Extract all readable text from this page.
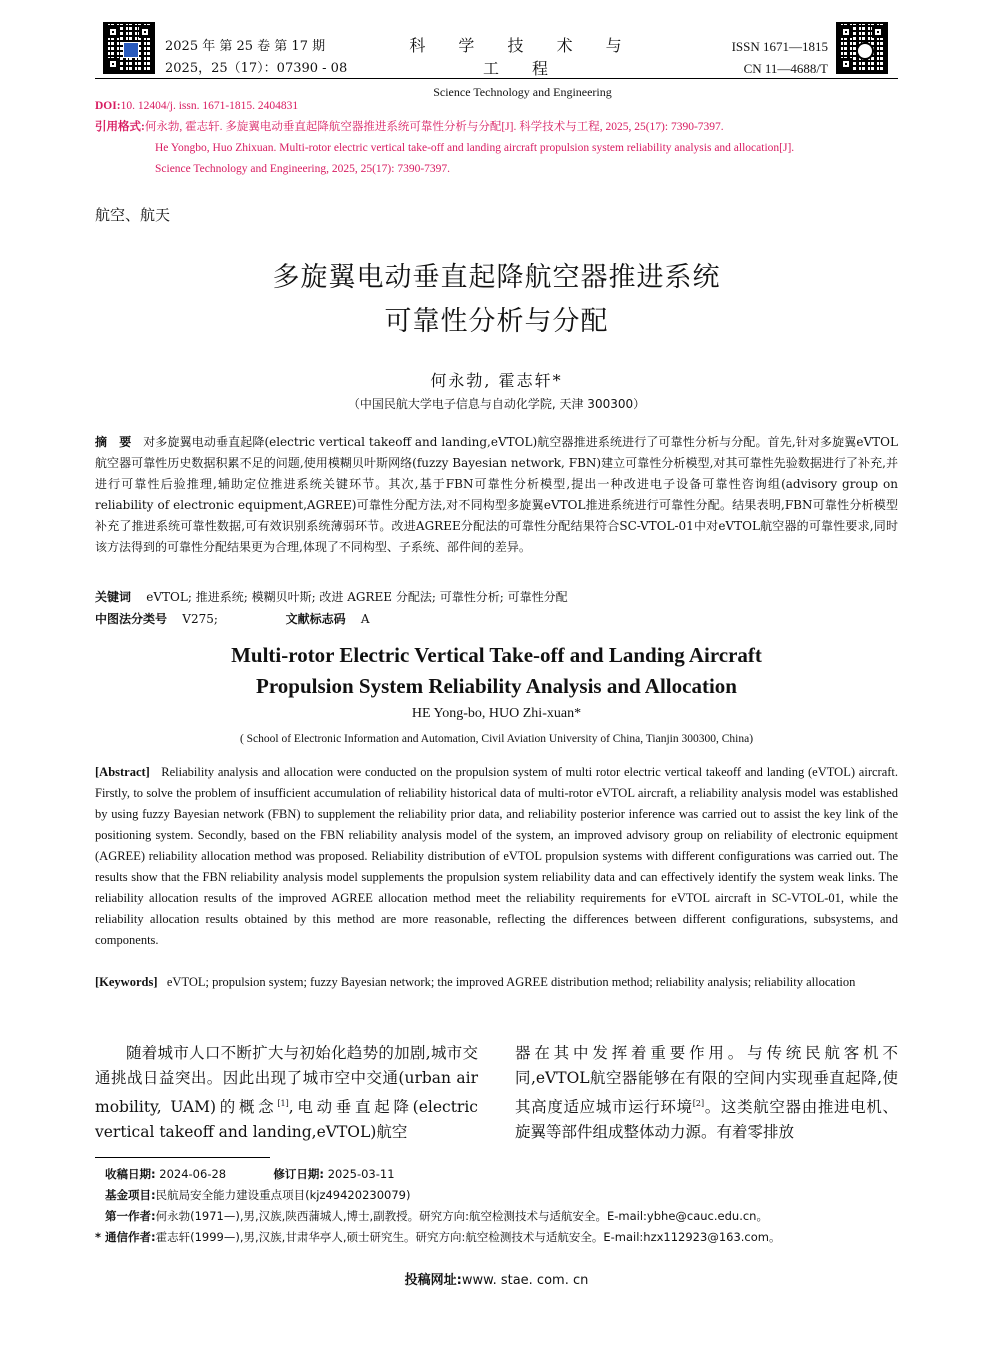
2025 年 第 25 卷 第 17 期
2025，25（17）：07390 - 08
科 学 技 术 与 工 程
Science Technology and Engineering
ISSN 1671—1815
CN 11—4688/T
DOI:10. 12404/j. issn. 1671-1815. 2404831
引用格式:何永勃, 霍志轩. 多旋翼电动垂直起降航空器推进系统可靠性分析与分配[J]. 科学技术与工程, 2025, 25(17): 7390-7397.
He Yongbo, Huo Zhixuan. Multi-rotor electric vertical take-off and landing aircraft propulsion system reliability analysis and allocation[J].
Science Technology and Engineering, 2025, 25(17): 7390-7397.
航空、航天
多旋翼电动垂直起降航空器推进系统
可靠性分析与分配
何永勃, 霍志轩*
（中国民航大学电子信息与自动化学院, 天津 300300）
摘　要 对多旋翼电动垂直起降(electric vertical takeoff and landing,eVTOL)航空器推进系统进行了可靠性分析与分配。首先,针对多旋翼eVTOL航空器可靠性历史数据积累不足的问题,使用模糊贝叶斯网络(fuzzy Bayesian network, FBN)建立可靠性分析模型,对其可靠性先验数据进行了补充,并进行可靠性后验推理,辅助定位推进系统关键环节。其次,基于FBN可靠性分析模型,提出一种改进电子设备可靠性咨询组(advisory group on reliability of electronic equipment,AGREE)可靠性分配方法,对不同构型多旋翼eVTOL推进系统进行可靠性分配。结果表明,FBN可靠性分析模型补充了推进系统可靠性数据,可有效识别系统薄弱环节。改进AGREE分配法的可靠性分配结果符合SC-VTOL-01中对eVTOL航空器的可靠性要求,同时该方法得到的可靠性分配结果更为合理,体现了不同构型、子系统、部件间的差异。
关键词 eVTOL; 推进系统; 模糊贝叶斯; 改进 AGREE 分配法; 可靠性分析; 可靠性分配
中图法分类号 V275;	文献标志码 A
Multi-rotor Electric Vertical Take-off and Landing Aircraft
Propulsion System Reliability Analysis and Allocation
HE Yong-bo, HUO Zhi-xuan*
( School of Electronic Information and Automation, Civil Aviation University of China, Tianjin 300300, China)
[Abstract] Reliability analysis and allocation were conducted on the propulsion system of multi rotor electric vertical takeoff and landing (eVTOL) aircraft. Firstly, to solve the problem of insufficient accumulation of reliability historical data of multi-rotor eVTOL aircraft, a reliability analysis model was established by using fuzzy Bayesian network (FBN) to supplement the reliability prior data, and reliability posterior inference was carried out to assist the key link of the positioning system. Secondly, based on the FBN reliability analysis model of the system, an improved advisory group on reliability of electronic equipment (AGREE) reliability allocation method was proposed. Reliability distribution of eVTOL propulsion systems with different configurations was carried out. The results show that the FBN reliability analysis model supplements the propulsion system reliability data and can effectively identify the system weak links. The reliability allocation results of the improved AGREE allocation method meet the reliability requirements for eVTOL aircraft in SC-VTOL-01, while the reliability allocation results obtained by this method are more reasonable, reflecting the differences between different configurations, subsystems, and components.
[Keywords] eVTOL; propulsion system; fuzzy Bayesian network; the improved AGREE distribution method; reliability analysis; reliability allocation
随着城市人口不断扩大与初始化趋势的加剧,城市交通挑战日益突出。因此出现了城市空中交通(urban air mobility, UAM)的概念[1],电动垂直起降(electric vertical takeoff and landing,eVTOL)航空
器在其中发挥着重要作用。与传统民航客机不同,eVTOL航空器能够在有限的空间内实现垂直起降,使其高度适应城市运行环境[2]。这类航空器由推进电机、旋翼等部件组成整体动力源。有着零排放
收稿日期: 2024-06-28	修订日期: 2025-03-11
基金项目:民航局安全能力建设重点项目(kjz49420230079)
第一作者:何永勃(1971—),男,汉族,陕西蒲城人,博士,副教授。研究方向:航空检测技术与适航安全。E-mail:ybhe@cauc.edu.cn。
* 通信作者:霍志轩(1999—),男,汉族,甘肃华亭人,硕士研究生。研究方向:航空检测技术与适航安全。E-mail:hzx112923@163.com。
投稿网址:www. stae. com. cn
